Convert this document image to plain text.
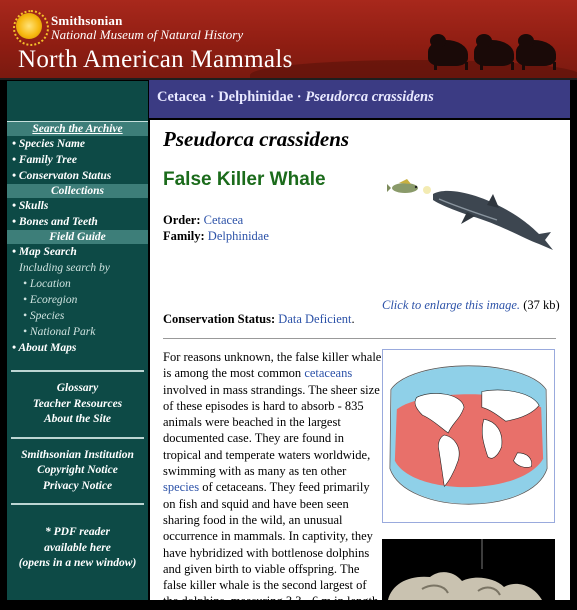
Smithsonian
National Museum of Natural History
North American Mammals
Cetacea · Delphinidae · Pseudorca crassidens
Search the Archive
• Species Name
• Family Tree
• Conservaton Status
Collections
• Skulls
• Bones and Teeth
Field Guide
• Map Search
Including search by
• Location
• Ecoregion
• Species
• National Park
• About Maps
Glossary
Teacher Resources
About the Site
Smithsonian Institution
Copyright Notice
Privacy Notice
* PDF reader
available here
(opens in a new window)
Pseudorca crassidens
False Killer Whale
Order: Cetacea
Family: Delphinidae
Click to enlarge this image. (37 kb)
Conservation Status: Data Deficient.
For reasons unknown, the false killer whale is among the most common cetaceans involved in mass strandings. The sheer size of these episodes is hard to absorb - 835 animals were beached in the largest documented case. They are found in tropical and temperate waters worldwide, swimming with as many as ten other species of cetaceans. They feed primarily on fish and squid and have been seen sharing food in the wild, an unusual occurrence in mammals. In captivity, they have hybridized with bottlenose dolphins and given birth to viable offspring. The false killer whale is the second largest of the dolphins, measuring 3.3 - 6 m in length
